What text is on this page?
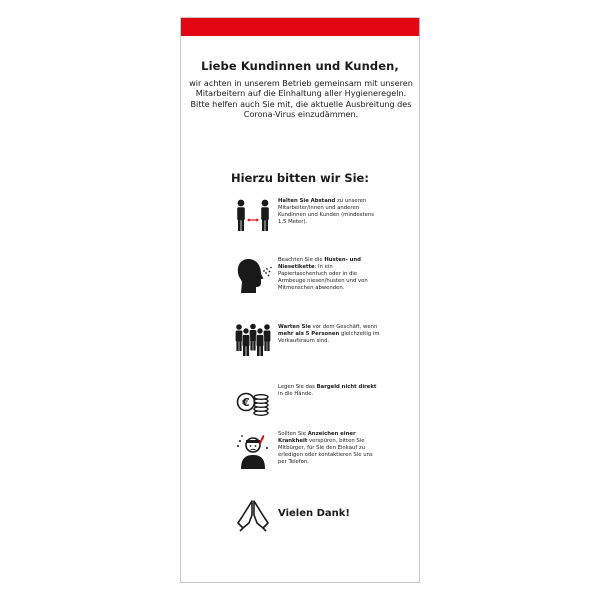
Liebe Kundinnen und Kunden,
wir achten in unserem Betrieb gemeinsam mit unseren Mitarbeitern auf die Einhaltung aller Hygieneregeln. Bitte helfen auch Sie mit, die aktuelle Ausbreitung des Corona-Virus einzudämmen.
Hierzu bitten wir Sie:
Halten Sie Abstand zu unseren Mitarbeiter/innen und anderen Kundinnen und Kunden (mindestens 1,5 Meter).
Beachten Sie die Husten- und Niesetikette: In ein Papiertaschentuch oder in die Armbeuge niesen/husten und von Mitmenschen abwenden.
Warten Sie vor dem Geschäft, wenn mehr als 5 Personen gleichzeitig im Verkaufsraum sind.
€
Legen Sie das Bargeld nicht direkt in die Hände.
Sollten Sie Anzeichen einer Krankheit verspüren, bitten Sie Mitbürger, für Sie den Einkauf zu erledigen oder kontaktieren Sie uns per Telefon.
Vielen Dank!
